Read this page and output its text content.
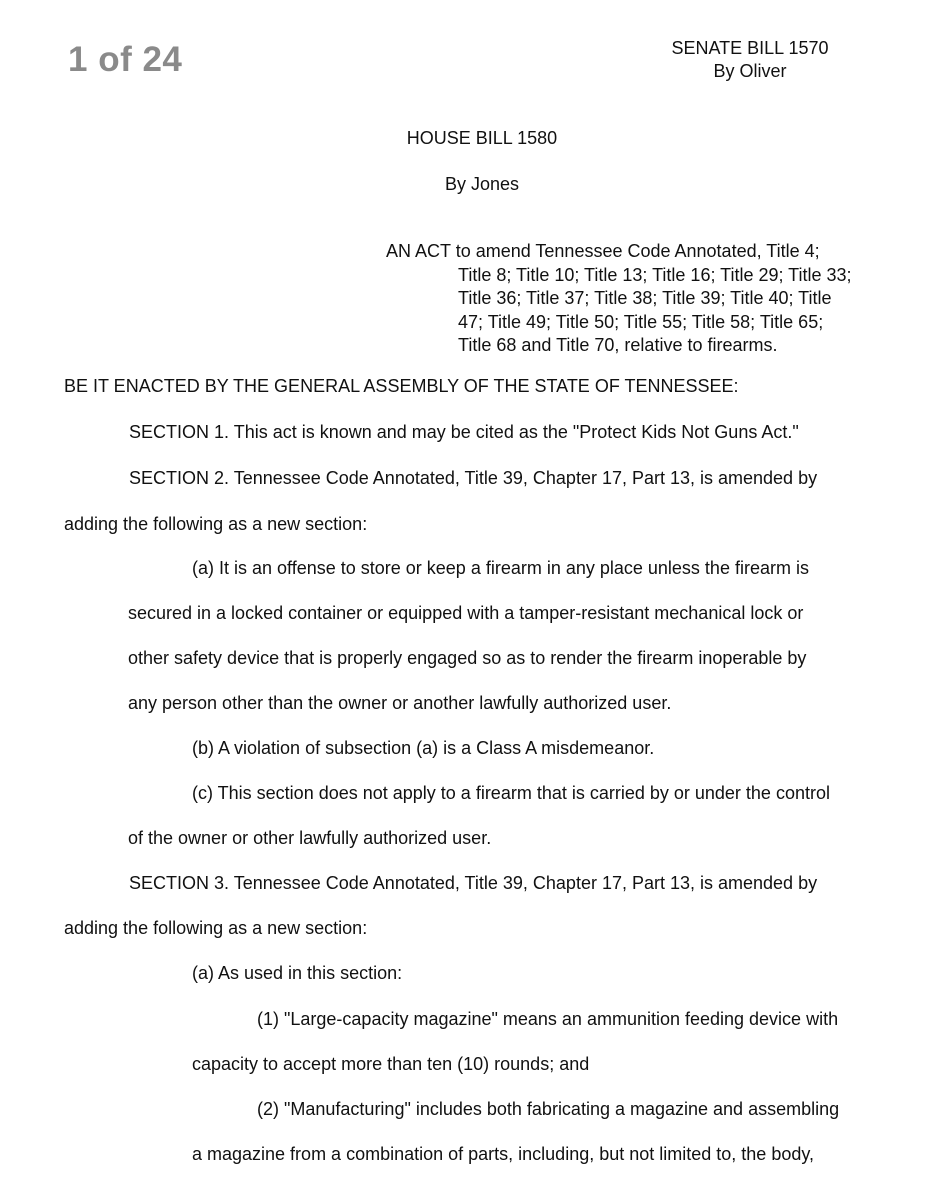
1 of 24	SENATE BILL 1570
By Oliver
HOUSE BILL 1580
By Jones
AN ACT to amend Tennessee Code Annotated, Title 4;
Title 8; Title 10; Title 13; Title 16; Title 29; Title 33;
Title 36; Title 37; Title 38; Title 39; Title 40; Title
47; Title 49; Title 50; Title 55; Title 58; Title 65;
Title 68 and Title 70, relative to firearms.
BE IT ENACTED BY THE GENERAL ASSEMBLY OF THE STATE OF TENNESSEE:
SECTION 1. This act is known and may be cited as the "Protect Kids Not Guns Act."
SECTION 2. Tennessee Code Annotated, Title 39, Chapter 17, Part 13, is amended by
adding the following as a new section:
(a) It is an offense to store or keep a firearm in any place unless the firearm is
secured in a locked container or equipped with a tamper-resistant mechanical lock or
other safety device that is properly engaged so as to render the firearm inoperable by
any person other than the owner or another lawfully authorized user.
(b) A violation of subsection (a) is a Class A misdemeanor.
(c) This section does not apply to a firearm that is carried by or under the control
of the owner or other lawfully authorized user.
SECTION 3. Tennessee Code Annotated, Title 39, Chapter 17, Part 13, is amended by
adding the following as a new section:
(a) As used in this section:
(1) "Large-capacity magazine" means an ammunition feeding device with
capacity to accept more than ten (10) rounds; and
(2) "Manufacturing" includes both fabricating a magazine and assembling
a magazine from a combination of parts, including, but not limited to, the body,
